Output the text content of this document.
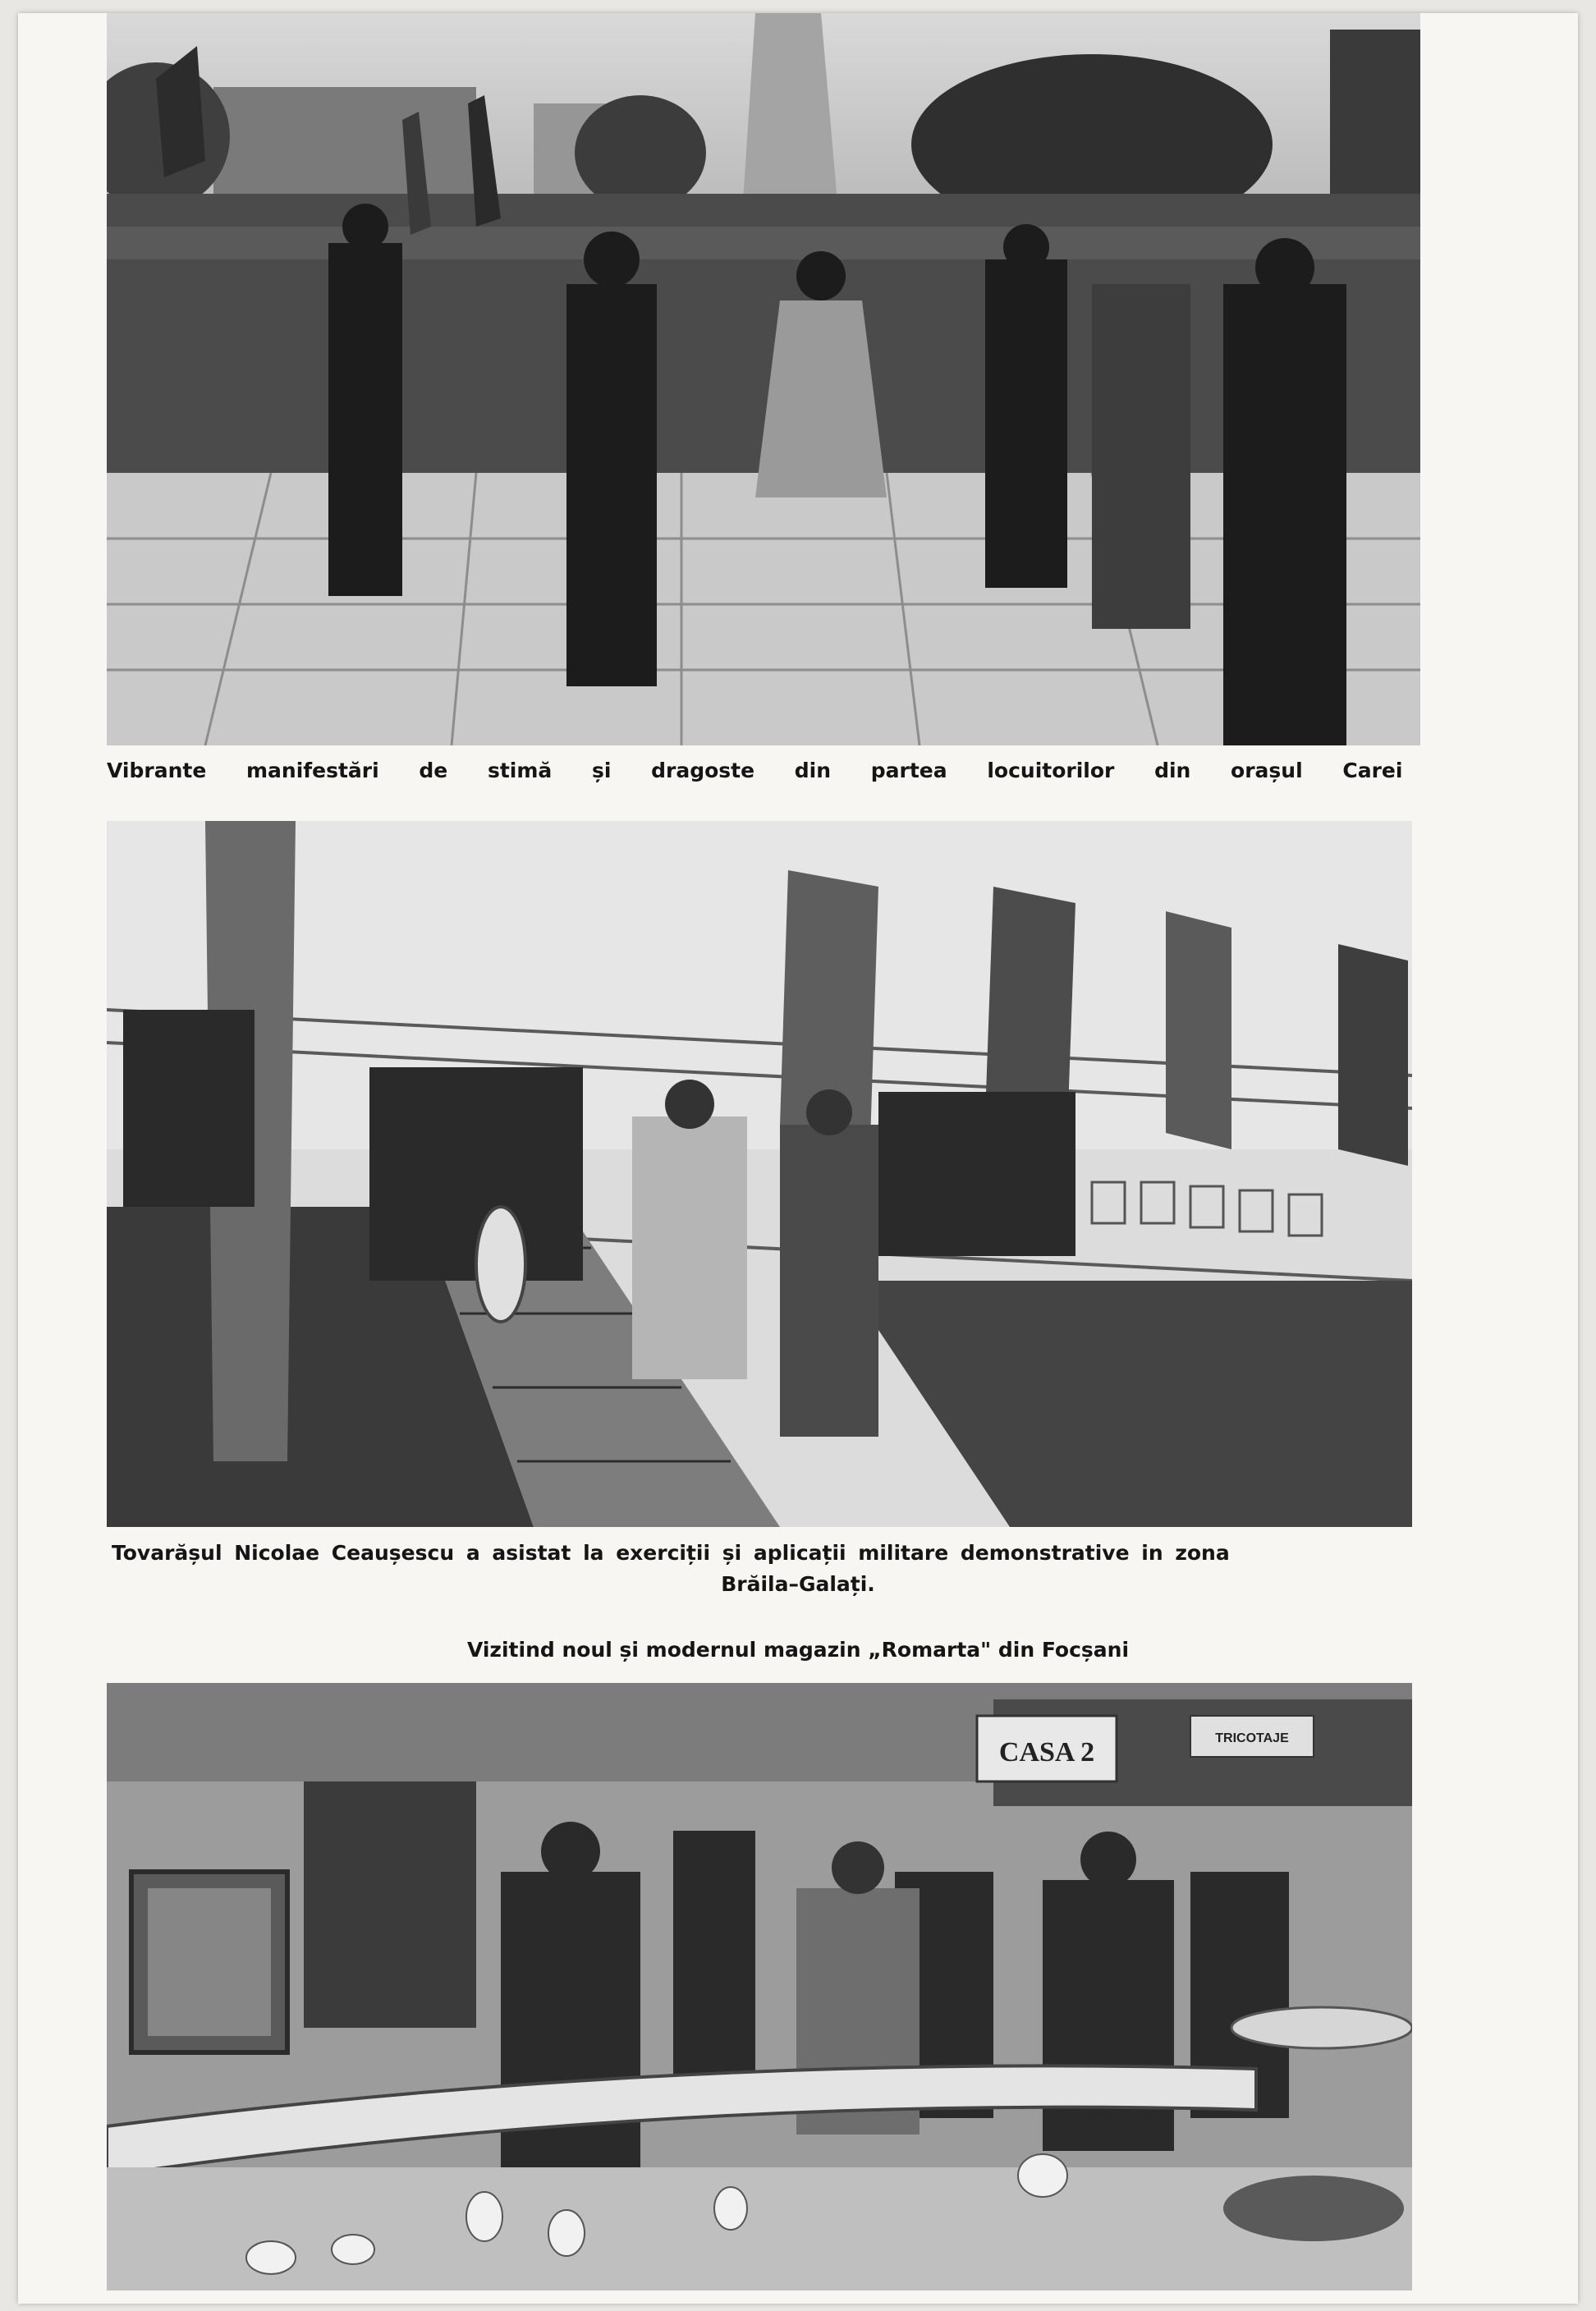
Vibrante manifestări de stimă și dragoste din partea locuitorilor din orașul Carei
Tovarășul Nicolae Ceaușescu a asistat la exerciții și aplicații militare demonstrative in zona
Brăila–Galați.
Vizitind noul și modernul magazin „Romarta" din Focșani
CASA 2	TRICOTAJE
